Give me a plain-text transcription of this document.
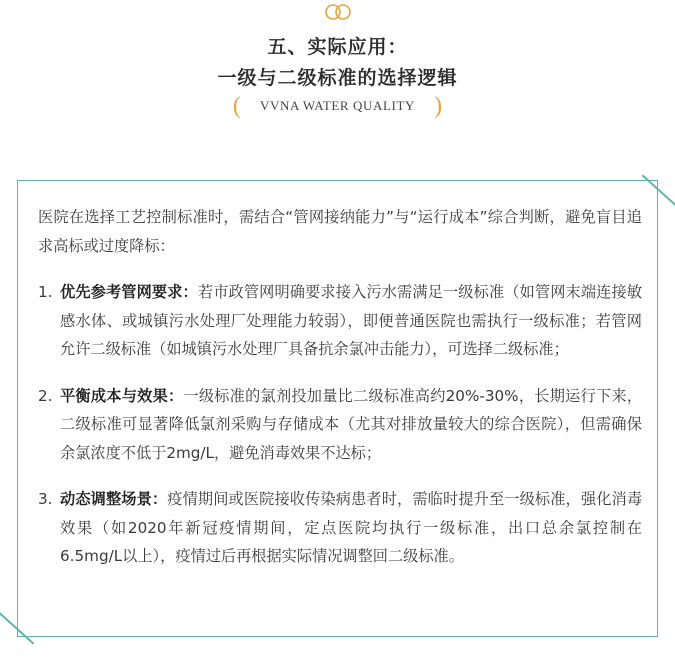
五、实际应用：
一级与二级标准的选择逻辑
( VVNA WATER QUALITY )

医院在选择工艺控制标准时，需结合“管网接纳能力”与“运行成本”综合判断，避免盲目追求高标或过度降标：

1. 优先参考管网要求：若市政管网明确要求接入污水需满足一级标准（如管网末端连接敏感水体、或城镇污水处理厂处理能力较弱），即便普通医院也需执行一级标准；若管网允许二级标准（如城镇污水处理厂具备抗余氯冲击能力），可选择二级标准；
2. 平衡成本与效果：一级标准的氯剂投加量比二级标准高约20%-30%，长期运行下来，二级标准可显著降低氯剂采购与存储成本（尤其对排放量较大的综合医院），但需确保余氯浓度不低于2mg/L，避免消毒效果不达标；
3. 动态调整场景：疫情期间或医院接收传染病患者时，需临时提升至一级标准，强化消毒效果（如2020年新冠疫情期间，定点医院均执行一级标准，出口总余氯控制在6.5mg/L以上），疫情过后再根据实际情况调整回二级标准。
